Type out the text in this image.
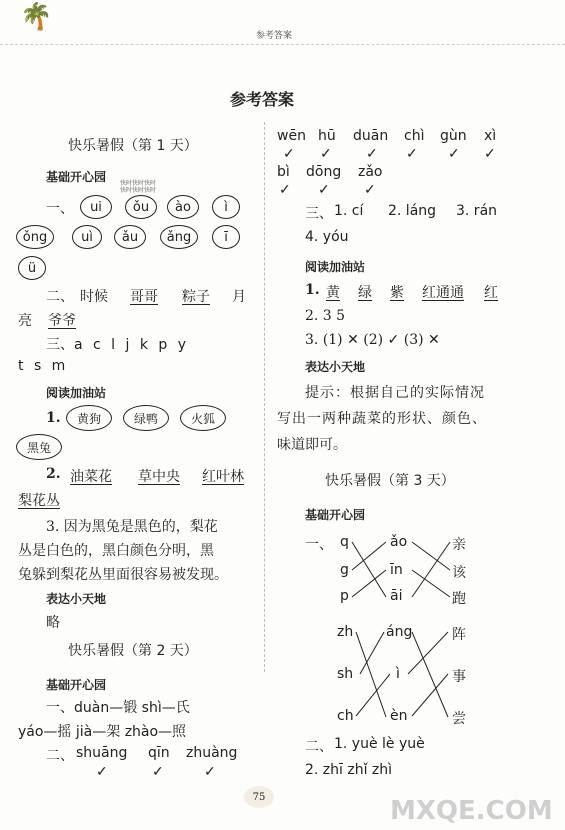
🌴
参考答案
参考答案
快乐暑假（第 1 天）
基础开心园 快时快时快时
快时快时快时
一、 ui ǒu ào	ì
ǒng	uì ǎu ǎng	ī
ü
二、 时候 哥哥 粽子 月
亮 爷爷
三、a c l j k p y
t s m
阅读加油站
1. 黄狗	绿鸭	火狐
黑兔
2. 油菜花 草中央 红叶林
梨花丛
3. 因为黑兔是黑色的，梨花
丛是白色的，黑白颜色分明，黑
兔躲到梨花丛里面很容易被发现。
表达小天地
略
快乐暑假（第 2 天）
基础开心园
一、duàn—锻 shì—氏
yáo—摇 jià—架 zhào—照
二、 shuāng qīn zhuàng
✓	✓	✓
wēn hū duān chì gùn xì
✓ ✓ ✓ ✓ ✓ ✓
bì dōng zǎo
✓ ✓ ✓
三、 1. cí 2. láng 3. rán
4. yóu
阅读加油站
1. 黄 绿 紫 红通通 红
2. 3 5
3. (1) ✕ (2) ✓ (3) ✕
表达小天地
提示：根据自己的实际情况
写出一两种蔬菜的形状、颜色、
味道即可。
快乐暑假（第 3 天）
基础开心园
一、 q
g
p
ǎo
īn
āi
亲
该
跑
zh
sh
ch
áng
ì
èn
阵
事
尝
二、 1. yuè lè yuè
2. zhī zhǐ zhì
75	MXQE.COM
